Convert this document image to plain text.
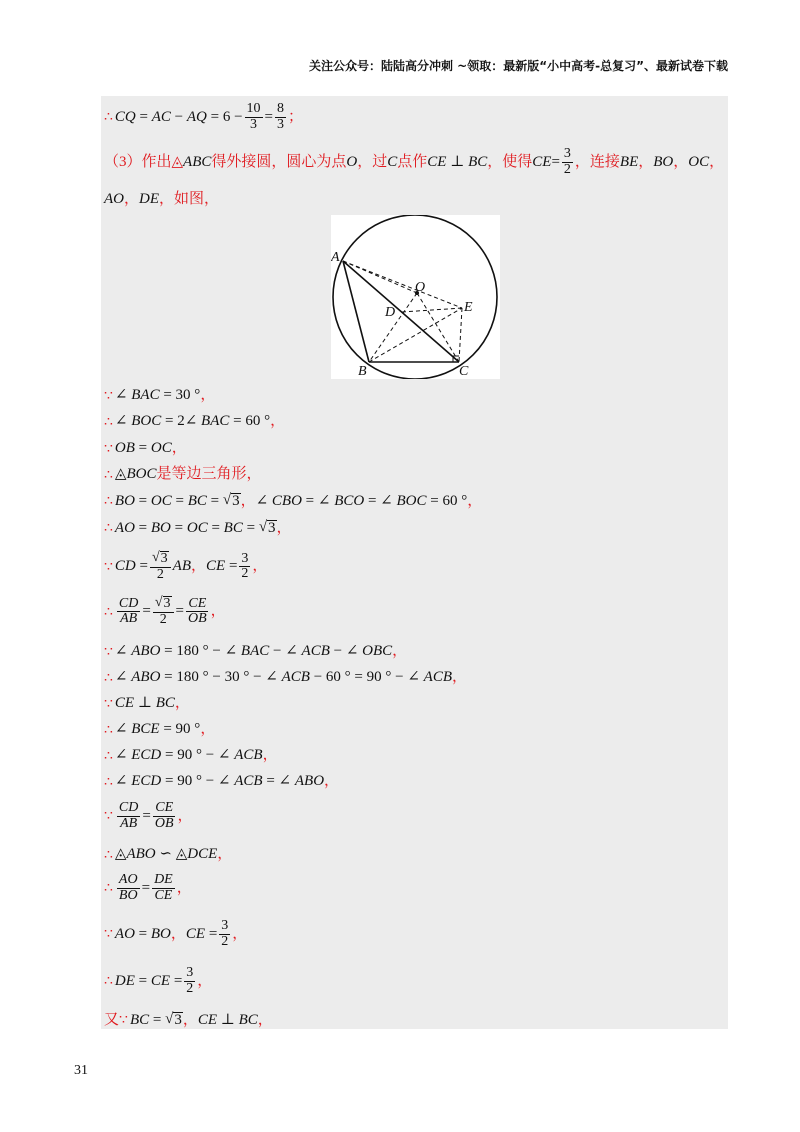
关注公众号：陆陆高分冲刺 ~领取：最新版“小中高考-总复习”、最新试卷下载
∴ CQ = AC − AQ = $6 - \frac{10}{3} = \frac{8}{3}$ ；
（3）作出◬ ABC 得外接圆，圆心为点 O ，过 C 点作 CE ⊥ BC ，使得 CE = $\frac{3}{2}$ ，连接 BE ， BO ， OC ，
AO ， DE ，如图，
∵ ∠ BAC = 30 ° ，
∴ ∠ BOC = 2∠ BAC = 60 ° ，
∵ OB = OC ，
∴ ◬ BOC 是等边三角形，
∴ BO = OC = BC = √ 3 ， ∠ CBO = ∠ BCO = ∠ BOC = 60 ° ，
∴ AO = BO = OC = BC = √ 3 ，
∵ CD = $\frac{√ 3}{2}$ AB ， CE = $\frac{3}{2}$ ，
∴ $\frac{CD}{AB} = \frac{√ 3}{2} = \frac{CE}{OB}$ ，
∵ ∠ ABO = 180 ° − ∠ BAC − ∠ ACB − ∠ OBC ，
∴ ∠ ABO = 180 ° − 30 ° − ∠ ACB − 60 ° = 90 ° − ∠ ACB ，
∵ CE ⊥ BC ，
∴ ∠ BCE = 90 ° ，
∴ ∠ ECD = 90 ° − ∠ ACB ，
∴ ∠ ECD = 90 ° − ∠ ACB = ∠ ABO ，
∵ $\frac{CD}{AB} = \frac{CE}{OB}$ ，
∴ ◬ ABO ∽ ◬ DCE ，
∴ $\frac{AO}{BO} = \frac{DE}{CE}$ ，
∵ AO = BO ， CE = $\frac{3}{2}$ ，
∴ DE = CE = $\frac{3}{2}$ ，
又 ∵ BC = √ 3 ， CE ⊥ BC ，
A
O
D	E
B	C
31
